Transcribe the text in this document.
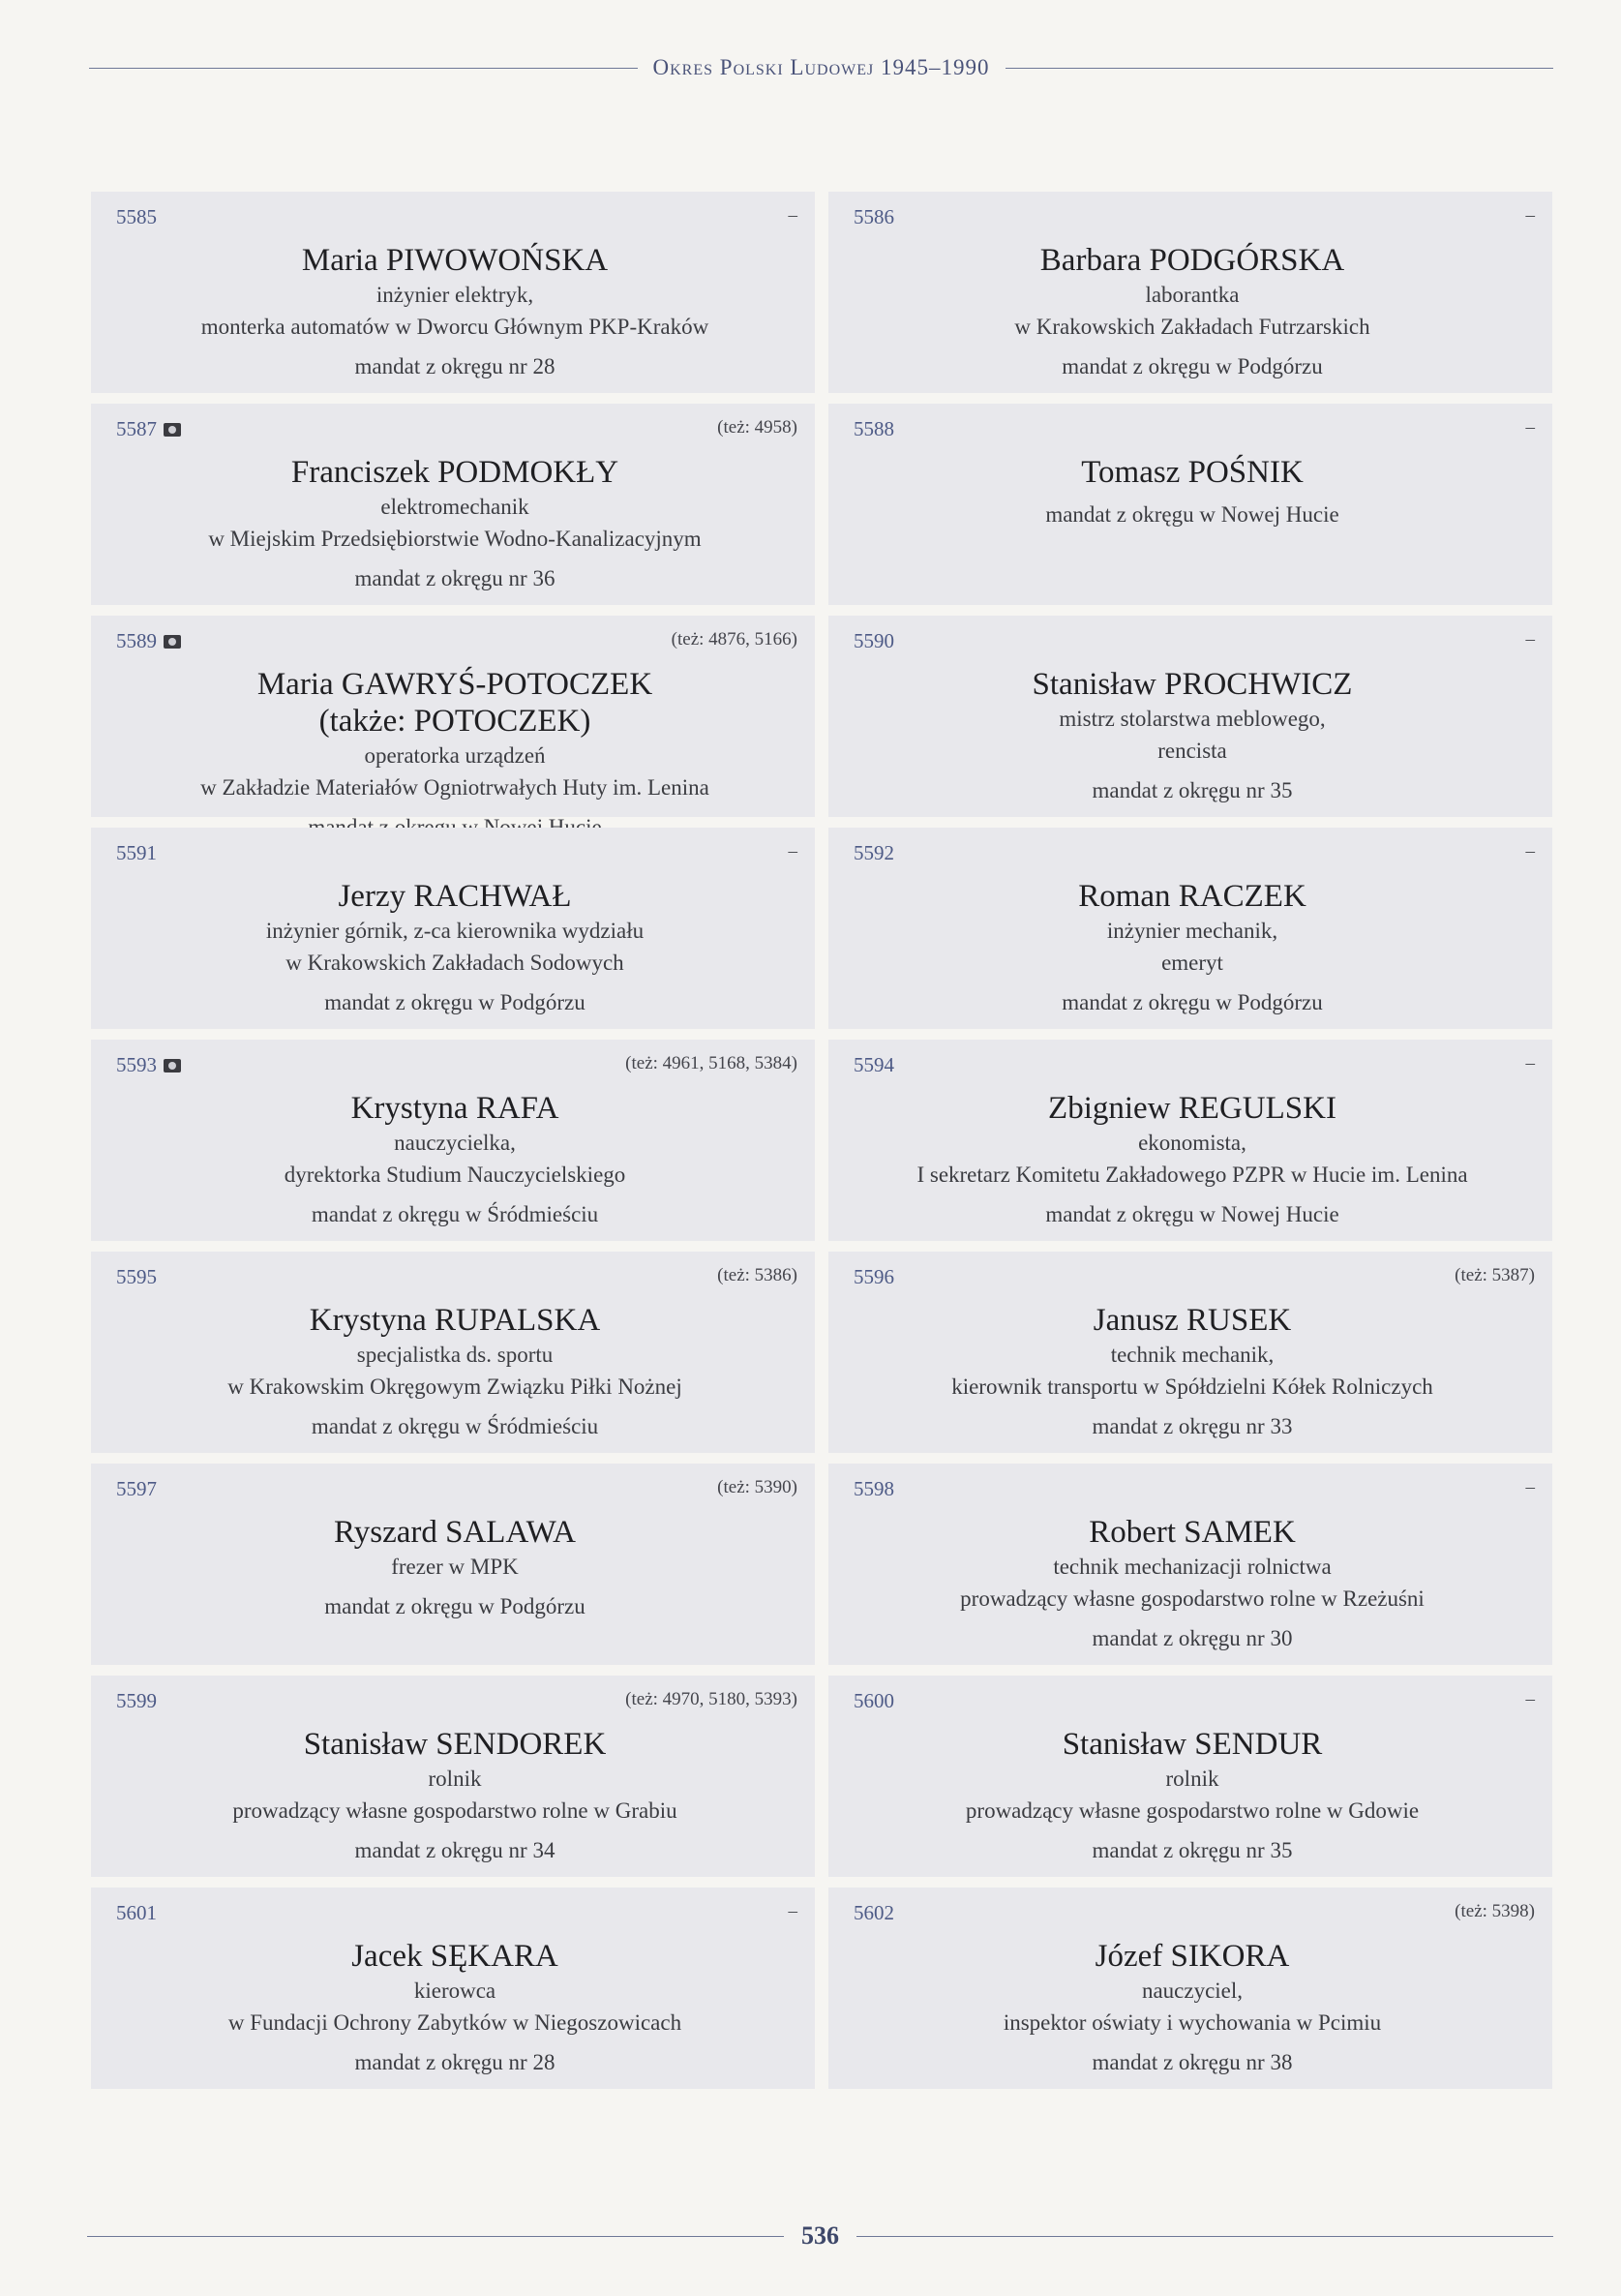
Okres Polski Ludowej 1945–1990
5585	–
Maria PIWOWOŃSKA
inżynier elektryk,
monterka automatów w Dworcu Głównym PKP-Kraków
mandat z okręgu nr 28
5586	–
Barbara PODGÓRSKA
laborantka
w Krakowskich Zakładach Futrzarskich
mandat z okręgu w Podgórzu
5587	(też: 4958)
Franciszek PODMOKŁY
elektromechanik
w Miejskim Przedsiębiorstwie Wodno-Kanalizacyjnym
mandat z okręgu nr 36
5588	–
Tomasz POŚNIK
mandat z okręgu w Nowej Hucie
5589	(też: 4876, 5166)
Maria GAWRYŚ-POTOCZEK
(także: POTOCZEK)
operatorka urządzeń
w Zakładzie Materiałów Ogniotrwałych Huty im. Lenina
5590	–
Stanisław PROCHWICZ
mistrz stolarstwa meblowego,
rencista
mandat z okręgu nr 35
5591	–
Jerzy RACHWAŁ
inżynier górnik, z-ca kierownika wydziału
w Krakowskich Zakładach Sodowych
mandat z okręgu w Podgórzu
5592	–
Roman RACZEK
inżynier mechanik,
emeryt
mandat z okręgu w Podgórzu
5593	(też: 4961, 5168, 5384)
Krystyna RAFA
nauczycielka,
dyrektorka Studium Nauczycielskiego
mandat z okręgu w Śródmieściu
5594	–
Zbigniew REGULSKI
ekonomista,
I sekretarz Komitetu Zakładowego PZPR w Hucie im. Lenina
mandat z okręgu w Nowej Hucie
5595	(też: 5386)
Krystyna RUPALSKA
specjalistka ds. sportu
w Krakowskim Okręgowym Związku Piłki Nożnej
mandat z okręgu w Śródmieściu
5596	(też: 5387)
Janusz RUSEK
technik mechanik,
kierownik transportu w Spółdzielni Kółek Rolniczych
mandat z okręgu nr 33
5597	(też: 5390)
Ryszard SALAWA
frezer w MPK
mandat z okręgu w Podgórzu
5598	–
Robert SAMEK
technik mechanizacji rolnictwa
prowadzący własne gospodarstwo rolne w Rzeżuśni
mandat z okręgu nr 30
5599	(też: 4970, 5180, 5393)
Stanisław SENDOREK
rolnik
prowadzący własne gospodarstwo rolne w Grabiu
mandat z okręgu nr 34
5600	–
Stanisław SENDUR
rolnik
prowadzący własne gospodarstwo rolne w Gdowie
mandat z okręgu nr 35
5601	–
Jacek SĘKARA
kierowca
w Fundacji Ochrony Zabytków w Niegoszowicach
mandat z okręgu nr 28
5602	(też: 5398)
Józef SIKORA
nauczyciel,
inspektor oświaty i wychowania w Pcimiu
mandat z okręgu nr 38
536
